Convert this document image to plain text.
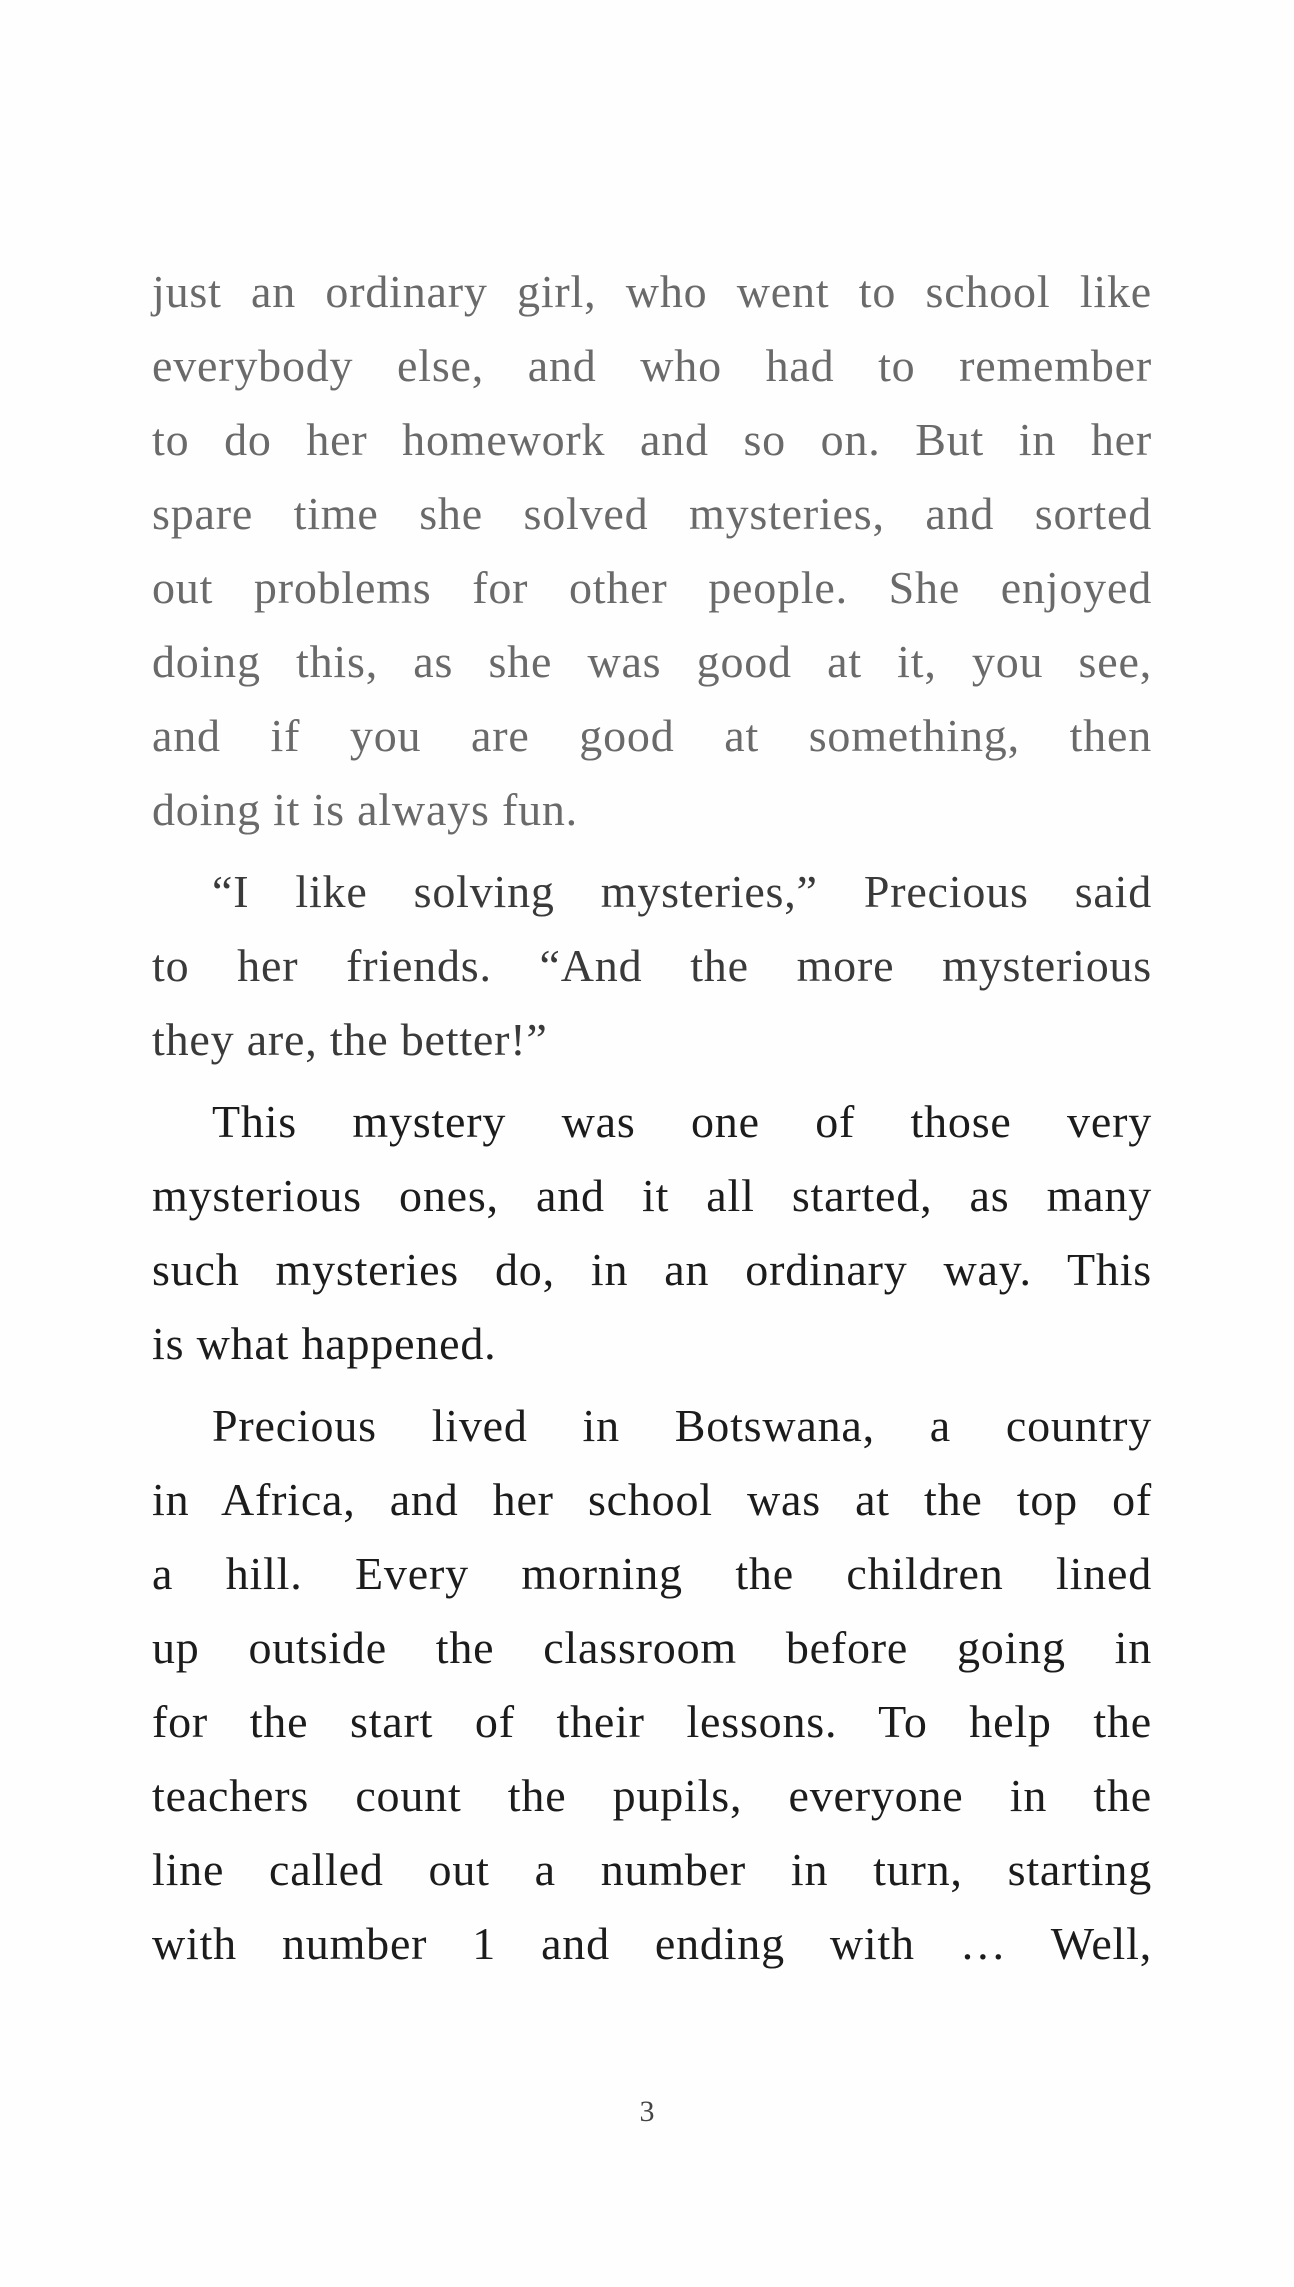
just an ordinary girl, who went to school like
everybody else, and who had to remember
to do her homework and so on. But in her
spare time she solved mysteries, and sorted
out problems for other people. She enjoyed
doing this, as she was good at it, you see,
and if you are good at something, then
doing it is always fun.

“I like solving mysteries,” Precious said
to her friends. “And the more mysterious
they are, the better!”

This mystery was one of those very
mysterious ones, and it all started, as many
such mysteries do, in an ordinary way. This
is what happened.

Precious lived in Botswana, a country
in Africa, and her school was at the top of
a hill. Every morning the children lined
up outside the classroom before going in
for the start of their lessons. To help the
teachers count the pupils, everyone in the
line called out a number in turn, starting
with number 1 and ending with … Well,

3
